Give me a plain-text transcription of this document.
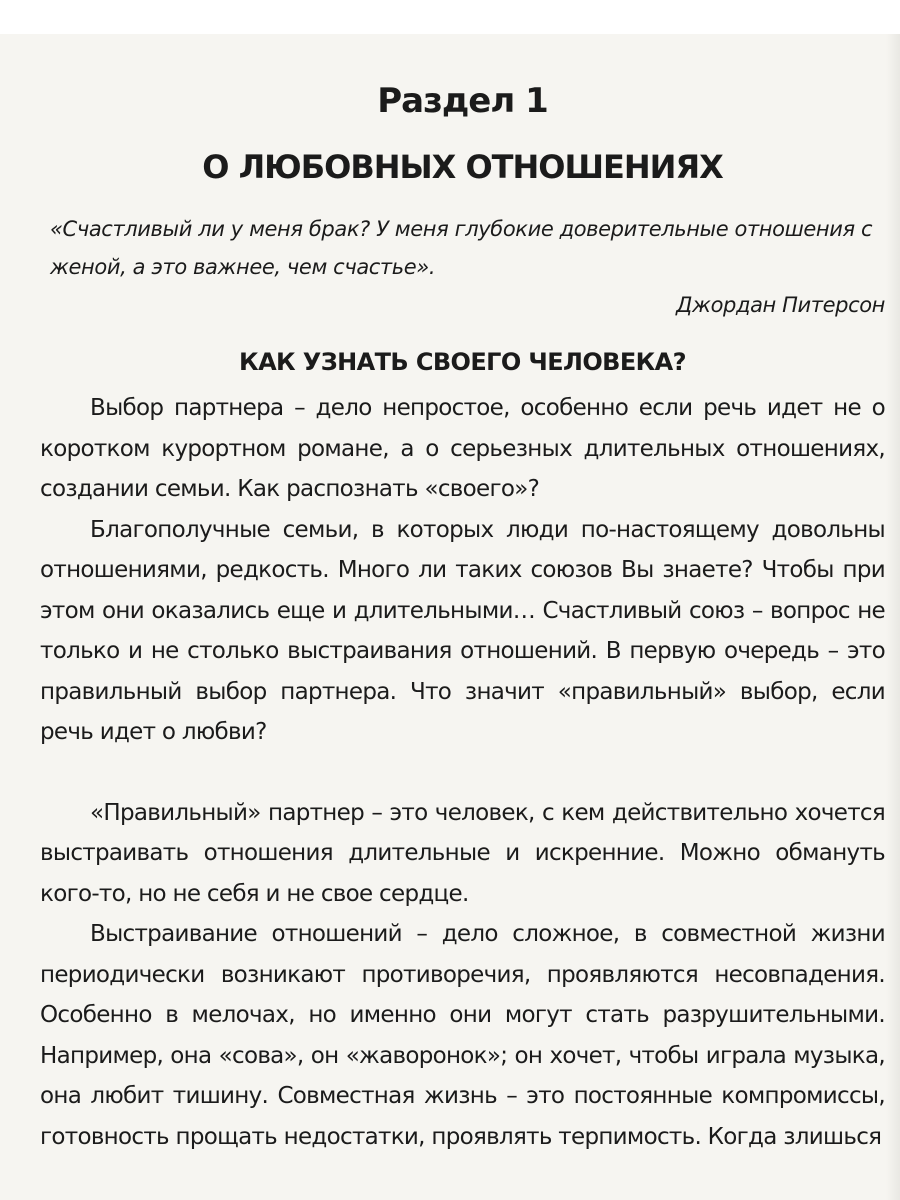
Раздел 1
О ЛЮБОВНЫХ ОТНОШЕНИЯХ

«Счастливый ли у меня брак? У меня глубокие доверительные отношения с женой, а это важнее, чем счастье».

Джордан Питерсон

КАК УЗНАТЬ СВОЕГО ЧЕЛОВЕКА?

Выбор партнера – дело непростое, особенно если речь идет не о коротком курортном романе, а о серьезных длительных отношениях, создании семьи. Как распознать «своего»?

Благополучные семьи, в которых люди по-настоящему довольны отношениями, редкость. Много ли таких союзов Вы знаете? Чтобы при этом они оказались еще и длительными… Счастливый союз – вопрос не только и не столько выстраивания отношений. В первую очередь – это правильный выбор партнера. Что значит «правильный» выбор, если речь идет о любви?

«Правильный» партнер – это человек, с кем действительно хочется выстраивать отношения длительные и искренние. Можно обмануть кого-то, но не себя и не свое сердце.

Выстраивание отношений – дело сложное, в совместной жизни периодически возникают противоречия, проявляются несовпадения. Особенно в мелочах, но именно они могут стать разрушительными. Например, она «сова», он «жаворонок»; он хочет, чтобы играла музыка, она любит тишину. Совместная жизнь – это постоянные компромиссы, готовность прощать недостатки, проявлять терпимость. Когда злишься
